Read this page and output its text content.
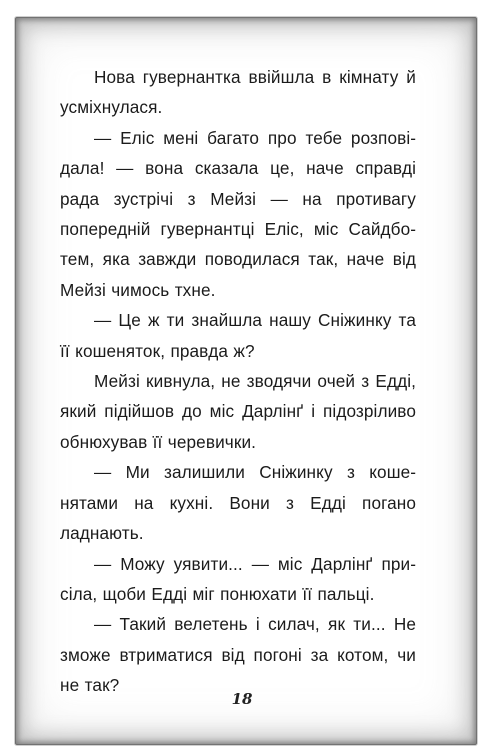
Нова гувернантка ввійшла в кімнату й усміхнулася.

— Еліс мені багато про тебе розповідала! — вона сказала це, наче справді рада зустрічі з Мейзі — на противагу попередній гувернантці Еліс, міс Сайдботем, яка завжди поводилася так, наче від Мейзі чимось тхне.

— Це ж ти знайшла нашу Сніжинку та її кошеняток, правда ж?

Мейзі кивнула, не зводячи очей з Едді, який підійшов до міс Дарлінґ і підозріливо обнюхував її черевички.

— Ми залишили Сніжинку з кошенятами на кухні. Вони з Едді погано ладнають.

— Можу уявити... — міс Дарлінґ присіла, щоби Едді міг понюхати її пальці.

— Такий велетень і силач, як ти... Не зможе втриматися від погоні за котом, чи не так?

18
